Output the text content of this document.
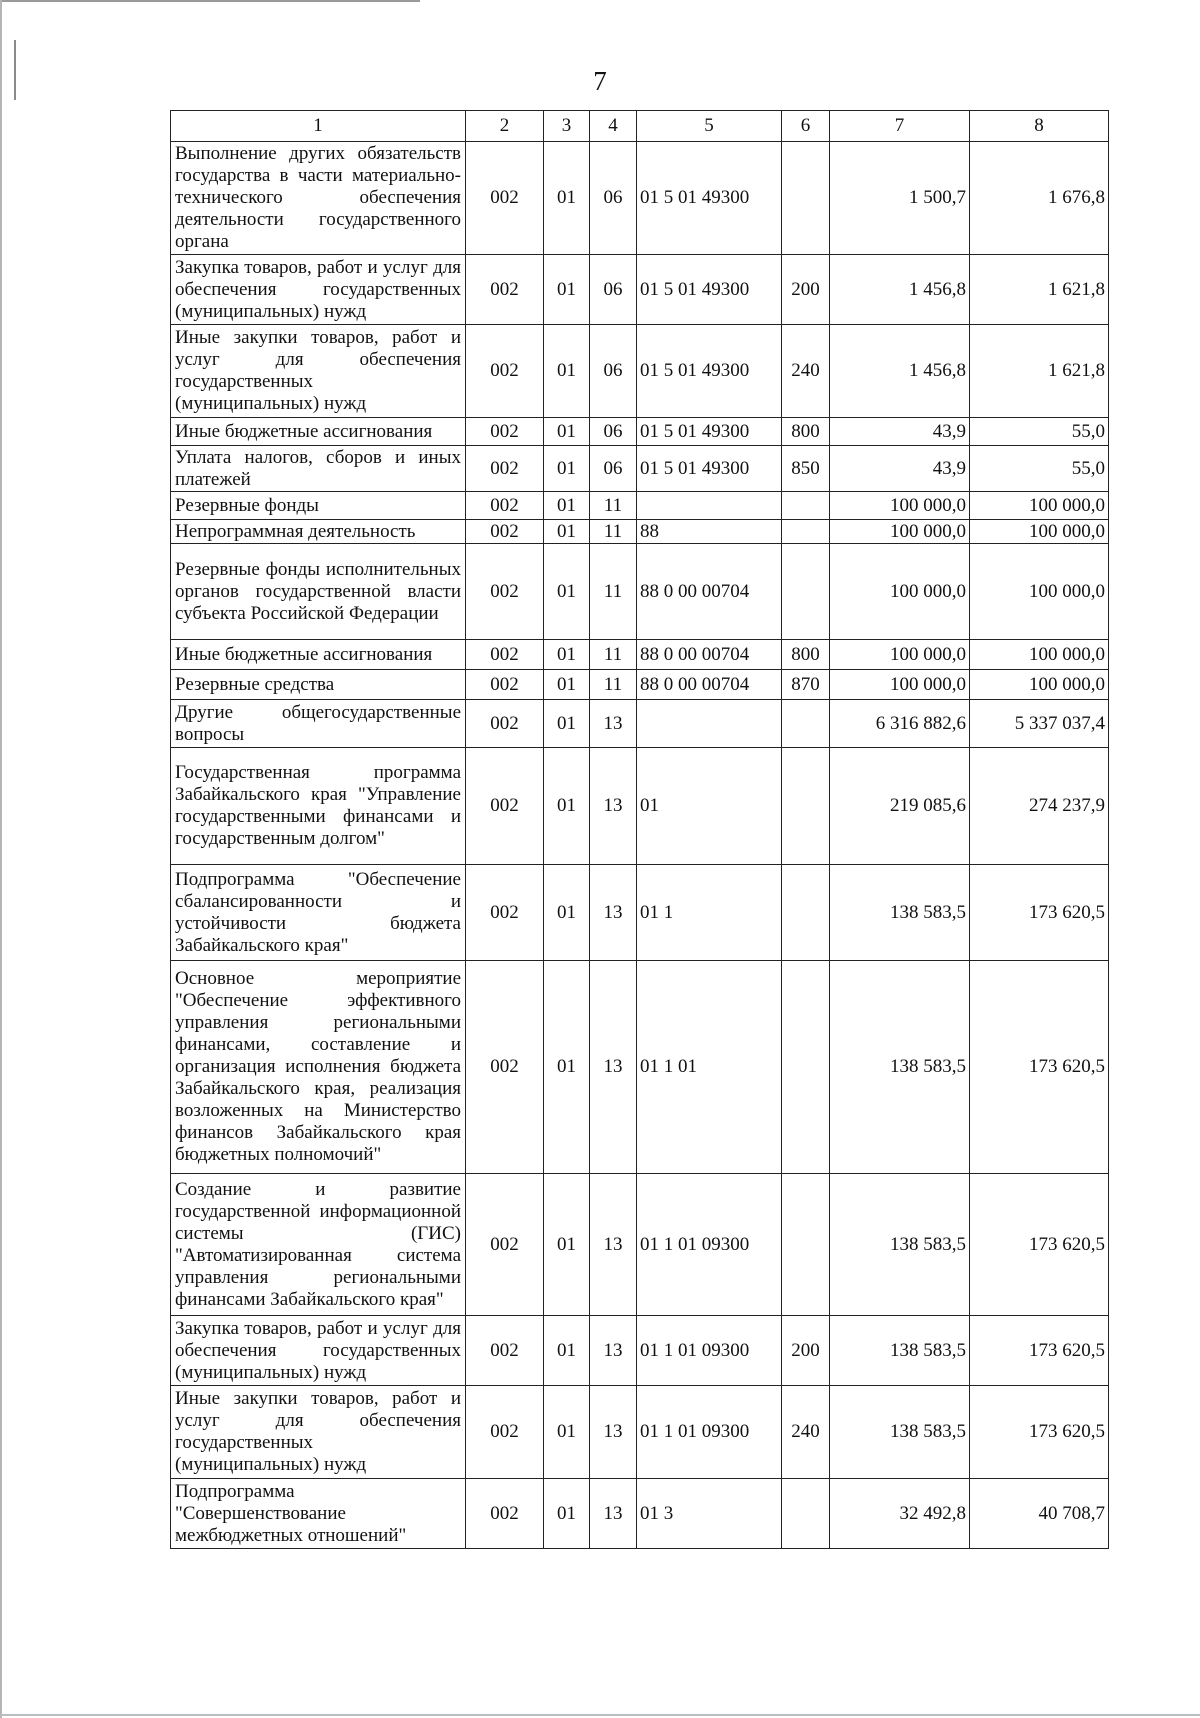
7
1	2	3	4	5	6	7	8
Выполнение других обязательств государства в части материально-технического обеспечения деятельности государственного органа	002	01	06	01 5 01 49300		1 500,7	1 676,8
Закупка товаров, работ и услуг для обеспечения государственных (муниципальных) нужд	002	01	06	01 5 01 49300	200	1 456,8	1 621,8
Иные закупки товаров, работ и услуг для обеспечения государственных (муниципальных) нужд	002	01	06	01 5 01 49300	240	1 456,8	1 621,8
Иные бюджетные ассигнования	002	01	06	01 5 01 49300	800	43,9	55,0
Уплата налогов, сборов и иных платежей	002	01	06	01 5 01 49300	850	43,9	55,0
Резервные фонды	002	01	11			100 000,0	100 000,0
Непрограммная деятельность	002	01	11	88		100 000,0	100 000,0
Резервные фонды исполнительных органов государственной власти субъекта Российской Федерации	002	01	11	88 0 00 00704		100 000,0	100 000,0
Иные бюджетные ассигнования	002	01	11	88 0 00 00704	800	100 000,0	100 000,0
Резервные средства	002	01	11	88 0 00 00704	870	100 000,0	100 000,0
Другие общегосударственные вопросы	002	01	13			6 316 882,6	5 337 037,4
Государственная программа Забайкальского края "Управление государственными финансами и государственным долгом"	002	01	13	01		219 085,6	274 237,9
Подпрограмма "Обеспечение сбалансированности и устойчивости бюджета Забайкальского края"	002	01	13	01 1		138 583,5	173 620,5
Основное мероприятие "Обеспечение эффективного управления региональными финансами, составление и организация исполнения бюджета Забайкальского края, реализация возложенных на Министерство финансов Забайкальского края бюджетных полномочий"	002	01	13	01 1 01		138 583,5	173 620,5
Создание и развитие государственной информационной системы (ГИС) "Автоматизированная система управления региональными финансами Забайкальского края"	002	01	13	01 1 01 09300		138 583,5	173 620,5
Закупка товаров, работ и услуг для обеспечения государственных (муниципальных) нужд	002	01	13	01 1 01 09300	200	138 583,5	173 620,5
Иные закупки товаров, работ и услуг для обеспечения государственных (муниципальных) нужд	002	01	13	01 1 01 09300	240	138 583,5	173 620,5
Подпрограмма "Совершенствование межбюджетных отношений"	002	01	13	01 3		32 492,8	40 708,7
